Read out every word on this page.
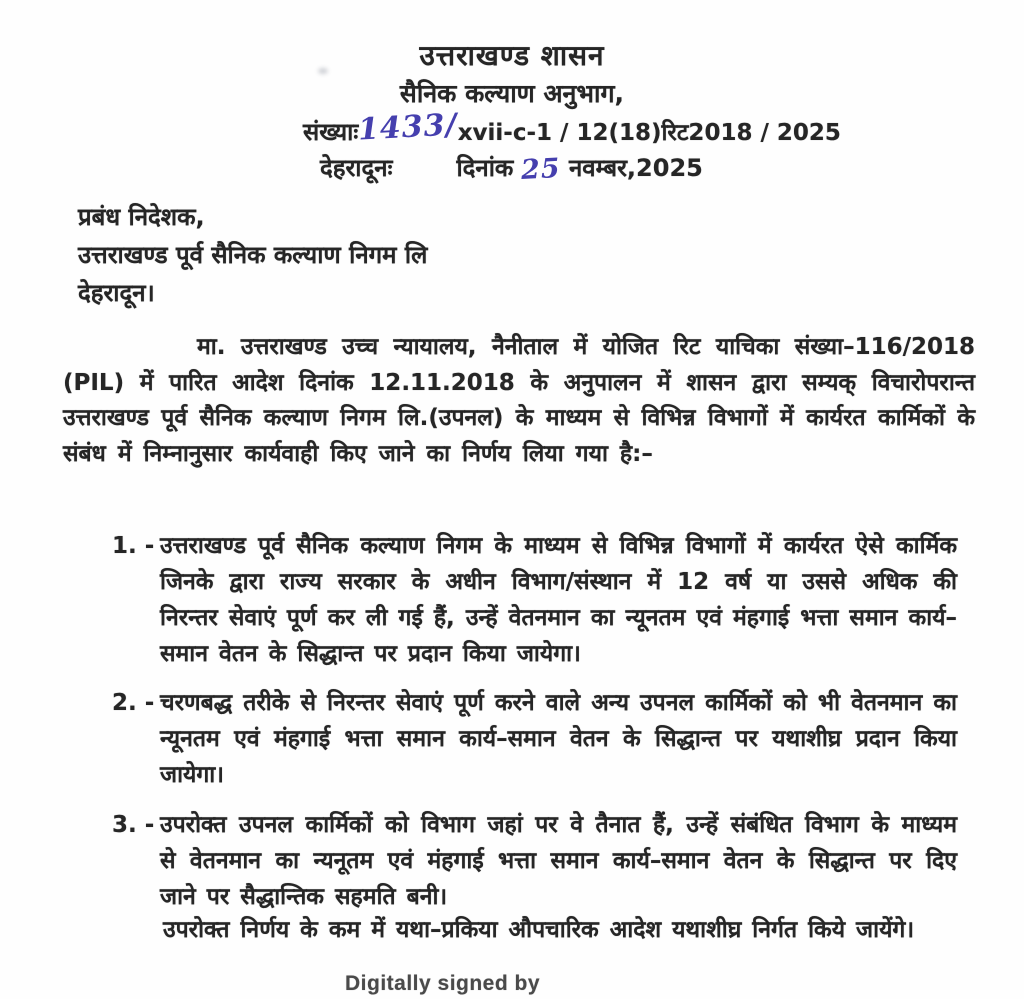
उत्तराखण्ड शासन
सैनिक कल्याण अनुभाग,
संख्याः1433/xvii-c-1 / 12(18)रिट2018 / 2025
देहरादूनः	दिनांक 25 नवम्बर,2025
प्रबंध निदेशक,
उत्तराखण्ड पूर्व सैनिक कल्याण निगम लि
देहरादून।
मा. उत्तराखण्ड उच्च न्यायालय, नैनीताल में योजित रिट याचिका संख्या–116/2018 (PIL) में पारित आदेश दिनांक 12.11.2018 के अनुपालन में शासन द्वारा सम्यक् विचारोपरान्त उत्तराखण्ड पूर्व सैनिक कल्याण निगम लि.(उपनल) के माध्यम से विभिन्न विभागों में कार्यरत कार्मिकों के संबंध में निम्नानुसार कार्यवाही किए जाने का निर्णय लिया गया है:–
1. - उत्तराखण्ड पूर्व सैनिक कल्याण निगम के माध्यम से विभिन्न विभागों में कार्यरत ऐसे कार्मिक जिनके द्वारा राज्य सरकार के अधीन विभाग/संस्थान में 12 वर्ष या उससे अधिक की निरन्तर सेवाएं पूर्ण कर ली गई हैं, उन्हें वेतनमान का न्यूनतम एवं मंहगाई भत्ता समान कार्य–समान वेतन के सिद्धान्त पर प्रदान किया जायेगा।
2. - चरणबद्ध तरीके से निरन्तर सेवाएं पूर्ण करने वाले अन्य उपनल कार्मिकों को भी वेतनमान का न्यूनतम एवं मंहगाई भत्ता समान कार्य–समान वेतन के सिद्धान्त पर यथाशीघ्र प्रदान किया जायेगा।
3. - उपरोक्त उपनल कार्मिकों को विभाग जहां पर वे तैनात हैं, उन्हें संबंधित विभाग के माध्यम से वेतनमान का न्यनूतम एवं मंहगाई भत्ता समान कार्य–समान वेतन के सिद्धान्त पर दिए जाने पर सैद्धान्तिक सहमति बनी।
उपरोक्त निर्णय के कम में यथा–प्रकिया औपचारिक आदेश यथाशीघ्र निर्गत किये जायेंगे।
Digitally signed by
